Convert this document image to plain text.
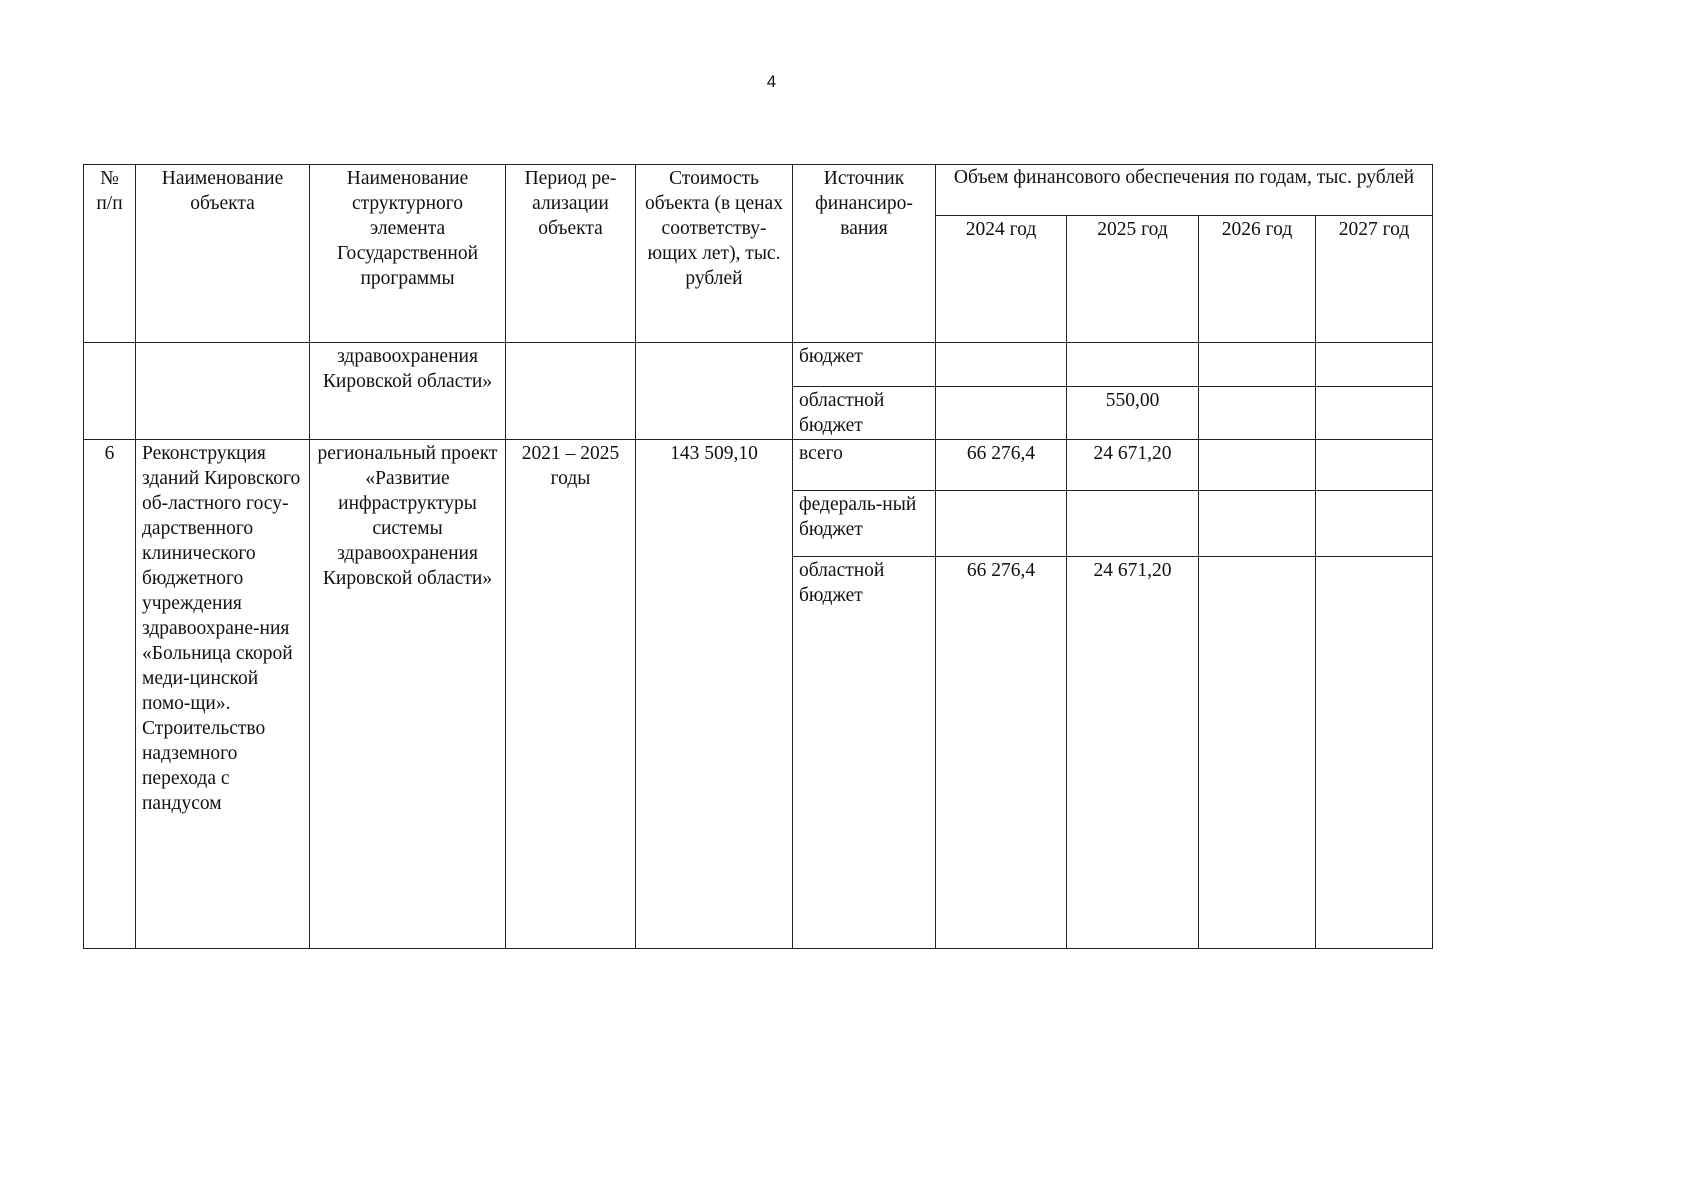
4
№ п/п	Наименование объекта	Наименование структурного элемента Государственной программы	Период ре-ализации объекта	Стоимость объекта (в ценах соответству-ющих лет), тыс. рублей	Источник финансиро-вания	Объем финансового обеспечения по годам, тыс. рублей			
						2024 год	2025 год	2026 год	2027 год
		здравоохранения Кировской области»			бюджет				
					областной бюджет		550,00		
6	Реконструкция зданий Кировского об-ластного госу-дарственного клинического бюджетного учреждения здравоохране-ния «Больница скорой меди-цинской помо-щи». Строительство надземного перехода с пандусом	региональный проект «Развитие инфраструктуры системы здравоохранения Кировской области»	2021 – 2025 годы	143 509,10	всего	66 276,4	24 671,20		
					федераль-ный бюджет				
					областной бюджет	66 276,4	24 671,20		
